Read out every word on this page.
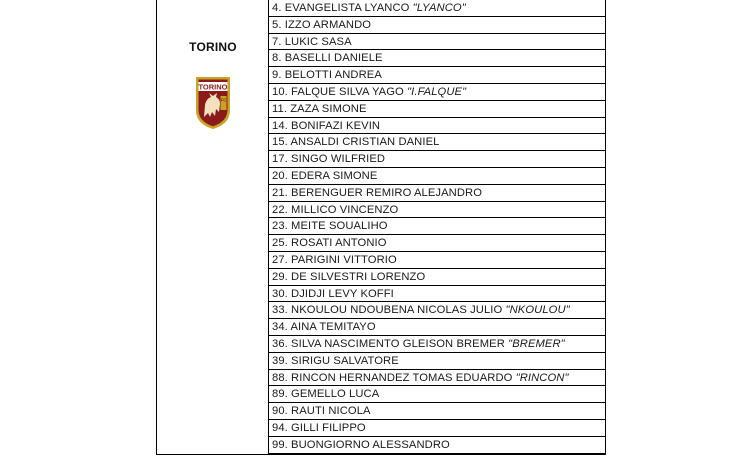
TORINO
TORINO
FC
4. EVANGELISTA LYANCO "LYANCO"
5. IZZO ARMANDO
7. LUKIC SASA
8. BASELLI DANIELE
9. BELOTTI ANDREA
10. FALQUE SILVA YAGO "I.FALQUE"
11. ZAZA SIMONE
14. BONIFAZI KEVIN
15. ANSALDI CRISTIAN DANIEL
17. SINGO WILFRIED
20. EDERA SIMONE
21. BERENGUER REMIRO ALEJANDRO
22. MILLICO VINCENZO
23. MEITE SOUALIHO
25. ROSATI ANTONIO
27. PARIGINI VITTORIO
29. DE SILVESTRI LORENZO
30. DJIDJI LEVY KOFFI
33. NKOULOU NDOUBENA NICOLAS JULIO "NKOULOU"
34. AINA TEMITAYO
36. SILVA NASCIMENTO GLEISON BREMER "BREMER"
39. SIRIGU SALVATORE
88. RINCON HERNANDEZ TOMAS EDUARDO "RINCON"
89. GEMELLO LUCA
90. RAUTI NICOLA
94. GILLI FILIPPO
99. BUONGIORNO ALESSANDRO
